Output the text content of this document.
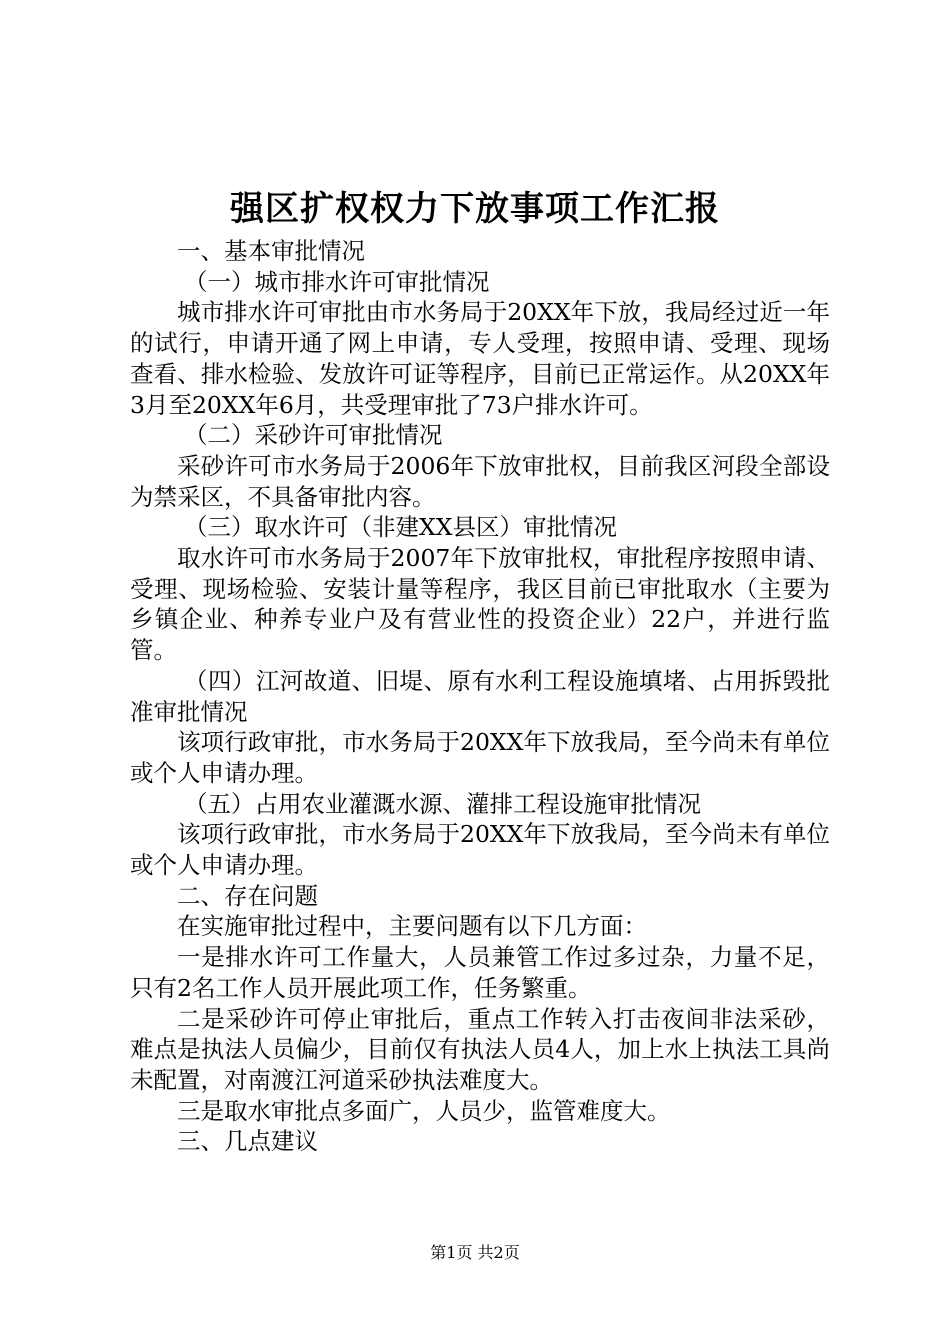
强区扩权权力下放事项工作汇报

一、基本审批情况

（一）城市排水许可审批情况

城市排水许可审批由市水务局于20XX年下放，我局经过近一年的试行，申请开通了网上申请，专人受理，按照申请、受理、现场查看、排水检验、发放许可证等程序，目前已正常运作。从20XX年3月至20XX年6月，共受理审批了73户排水许可。

（二）采砂许可审批情况

采砂许可市水务局于2006年下放审批权，目前我区河段全部设为禁采区，不具备审批内容。

（三）取水许可（非建XX县区）审批情况

取水许可市水务局于2007年下放审批权，审批程序按照申请、受理、现场检验、安装计量等程序，我区目前已审批取水（主要为乡镇企业、种养专业户及有营业性的投资企业）22户，并进行监管。

（四）江河故道、旧堤、原有水利工程设施填堵、占用拆毁批准审批情况

该项行政审批，市水务局于20XX年下放我局，至今尚未有单位或个人申请办理。

（五）占用农业灌溉水源、灌排工程设施审批情况

该项行政审批，市水务局于20XX年下放我局，至今尚未有单位或个人申请办理。

二、存在问题

在实施审批过程中，主要问题有以下几方面：

一是排水许可工作量大，人员兼管工作过多过杂，力量不足，只有2名工作人员开展此项工作，任务繁重。

二是采砂许可停止审批后，重点工作转入打击夜间非法采砂，难点是执法人员偏少，目前仅有执法人员4人，加上水上执法工具尚未配置，对南渡江河道采砂执法难度大。

三是取水审批点多面广，人员少，监管难度大。

三、几点建议

第1页 共2页
